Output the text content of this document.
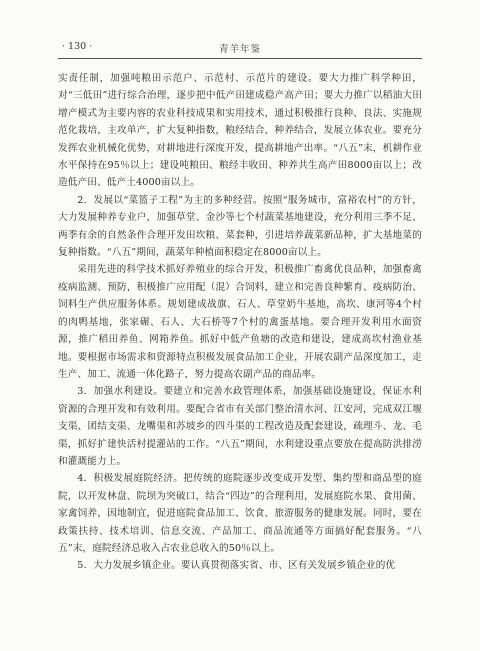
· 130 ·	青羊年鉴

实责任制，加强吨粮田示范户、示范村、示范片的建设。要大力推广科学种田，对“三低田”进行综合治理，逐步把中低产田建成稳产高产田；要大力推广以稻油大田增产模式为主要内容的农业科技成果和实用技术，通过积极推行良种、良法、实施规范化栽培，主攻单产，扩大复种指数，粮经结合，种养结合，发展立体农业。要充分发挥农业机械化优势，对耕地进行深度开发，提高耕地产出率。“八五”末，机耕作业水平保持在95％以上；建设吨粮田、粮经丰收田、种养共生高产田8000亩以上；改造低产田、低产土4000亩以上。

2．发展以“菜篮子工程”为主的多种经营。按照“服务城市，富裕农村”的方针，大力发展种养专业户，加强草堂、金沙等七个村蔬菜基地建设，充分利用三季不足、两季有余的自然条件合理开发田坎粮、菜套种，引进培养蔬菜新品种，扩大基地菜的复种指数。“八五”期间，蔬菜年种植面积稳定在8000亩以上。

采用先进的科学技术抓好养殖业的综合开发，积极推广畜禽优良品种，加强畜禽疫病监测、预防，积极推广应用配（混）合饲料，建立和完善良种繁育、疫病防治、饲料生产供应服务体系。规划建成战旗、石人、草堂奶牛基地，高坎、康河等4个村的肉鸭基地，张家碾、石人、大石桥等7个村的禽蛋基地。要合理开发利用水面资源，推广稻田养鱼、网箱养鱼。抓好中低产鱼塘的改造和建设，建成高坎村渔业基地。要根据市场需求和资源特点积极发展食品加工企业，开展农副产品深度加工，走生产、加工、流通一体化路子，努力提高农副产品的商品率。

3．加强水利建设。要建立和完善水政管理体系，加强基础设施建设，保证水利资源的合理开发和有效利用。要配合省市有关部门整治清水河、江安河，完成双江堰支渠、团结支渠、龙嘴渠和苏坡乡的四斗渠的工程改造及配套建设，疏理斗、龙、毛渠，抓好扩建快活村提灌站的工作。“八五”期间，水利建设重点要放在提高防洪排涝和灌溉能力上。

4．积极发展庭院经济。把传统的庭院逐步改变成开发型、集约型和商品型的庭院，以开发林盘、院坝为突破口，结合“四边”的合理利用，发展庭院水果、食用菌、家禽饲养，因地制宜，促进庭院食品加工、饮食、旅游服务的健康发展。同时，要在政策扶持、技术培训、信息交流、产品加工、商品流通等方面搞好配套服务。“八五”末，庭院经济总收入占农业总收入的50％以上。

5．大力发展乡镇企业。要认真贯彻落实省、市、区有关发展乡镇企业的优
